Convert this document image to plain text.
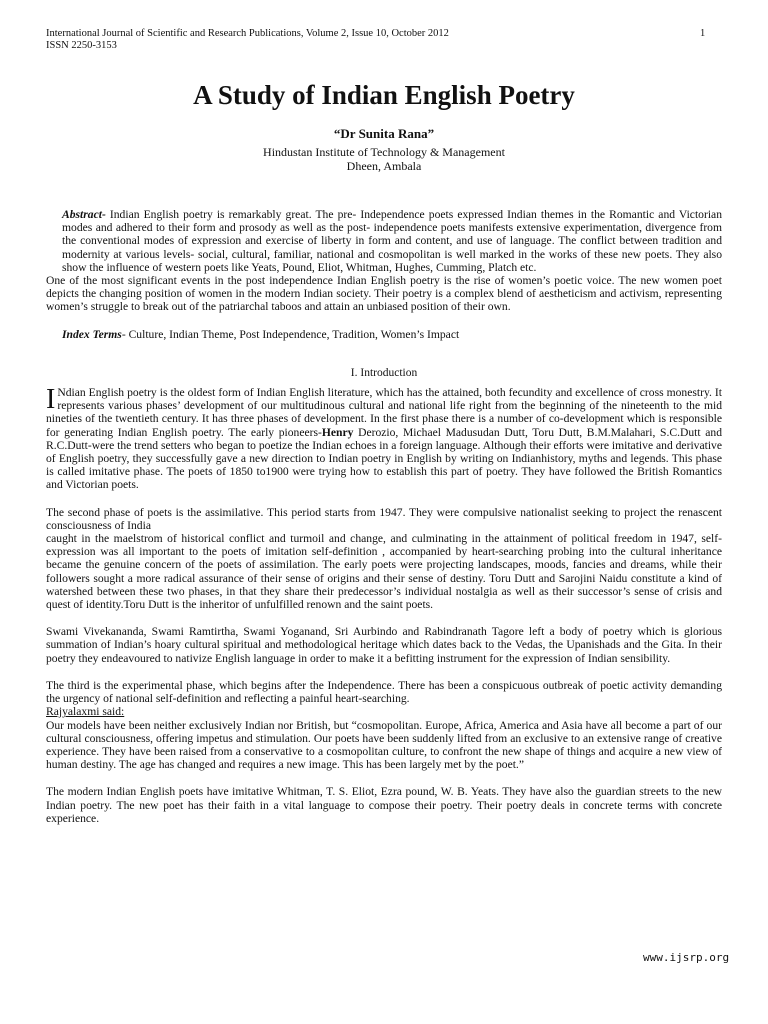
International Journal of Scientific and Research Publications, Volume 2, Issue 10, October 2012
ISSN 2250-3153
1
A Study of Indian English Poetry
“Dr Sunita Rana”
Hindustan Institute of Technology & Management
Dheen, Ambala

Abstract- Indian English poetry is remarkably great. The pre- Independence poets expressed Indian themes in the Romantic and Victorian modes and adhered to their form and prosody as well as the post- independence poets manifests extensive experimentation, divergence from the conventional modes of expression and exercise of liberty in form and content, and use of language. The conflict between tradition and modernity at various levels- social, cultural, familiar, national and cosmopolitan is well marked in the works of these new poets. They also show the influence of western poets like Yeats, Pound, Eliot, Whitman, Hughes, Cumming, Platch etc.

One of the most significant events in the post independence Indian English poetry is the rise of women’s poetic voice. The new women poet depicts the changing position of women in the modern Indian society. Their poetry is a complex blend of aestheticism and activism, representing women’s struggle to break out of the patriarchal taboos and attain an unbiased position of their own.

Index Terms- Culture, Indian Theme, Post Independence, Tradition, Women’s Impact

I. Introduction

I Ndian English poetry is the oldest form of Indian English literature, which has the attained, both fecundity and excellence of cross monestry. It represents various phases’ development of our multitudinous cultural and national life right from the beginning of the nineteenth to the mid nineties of the twentieth century. It has three phases of development. In the first phase there is a number of co-development which is responsible for generating Indian English poetry. The early pioneers-Henry Derozio, Michael Madusudan Dutt, Toru Dutt, B.M.Malahari, S.C.Dutt and R.C.Dutt-were the trend setters who began to poetize the Indian echoes in a foreign language. Although their efforts were imitative and derivative of English poetry, they successfully gave a new direction to Indian poetry in English by writing on Indianhistory, myths and legends. This phase is called imitative phase. The poets of 1850 to1900 were trying how to establish this part of poetry. They have followed the British Romantics and Victorian poets.

The second phase of poets is the assimilative. This period starts from 1947. They were compulsive nationalist seeking to project the renascent consciousness of India

caught in the maelstrom of historical conflict and turmoil and change, and culminating in the attainment of political freedom in 1947, self-expression was all important to the poets of imitation self-definition , accompanied by heart-searching probing into the cultural inheritance became the genuine concern of the poets of assimilation. The early poets were projecting landscapes, moods, fancies and dreams, while their followers sought a more radical assurance of their sense of origins and their sense of destiny. Toru Dutt and Sarojini Naidu constitute a kind of watershed between these two phases, in that they share their predecessor’s individual nostalgia as well as their successor’s sense of crisis and quest of identity.Toru Dutt is the inheritor of unfulfilled renown and the saint poets.

Swami Vivekananda, Swami Ramtirtha, Swami Yoganand, Sri Aurbindo and Rabindranath Tagore left a body of poetry which is glorious summation of Indian’s hoary cultural spiritual and methodological heritage which dates back to the Vedas, the Upanishads and the Gita. In their poetry they endeavoured to nativize English language in order to make it a befitting instrument for the expression of Indian sensibility.

The third is the experimental phase, which begins after the Independence. There has been a conspicuous outbreak of poetic activity demanding the urgency of national self-definition and reflecting a painful heart-searching.

Rajyalaxmi said:

Our models have been neither exclusively Indian nor British, but “cosmopolitan. Europe, Africa, America and Asia have all become a part of our cultural consciousness, offering impetus and stimulation. Our poets have been suddenly lifted from an exclusive to an extensive range of creative experience. They have been raised from a conservative to a cosmopolitan culture, to confront the new shape of things and acquire a new view of human destiny. The age has changed and requires a new image. This has been largely met by the poet.”

The modern Indian English poets have imitative Whitman, T. S. Eliot, Ezra pound, W. B. Yeats. They have also the guardian streets to the new Indian poetry. The new poet has their faith in a vital language to compose their poetry. Their poetry deals in concrete terms with concrete experience.

www.ijsrp.org
